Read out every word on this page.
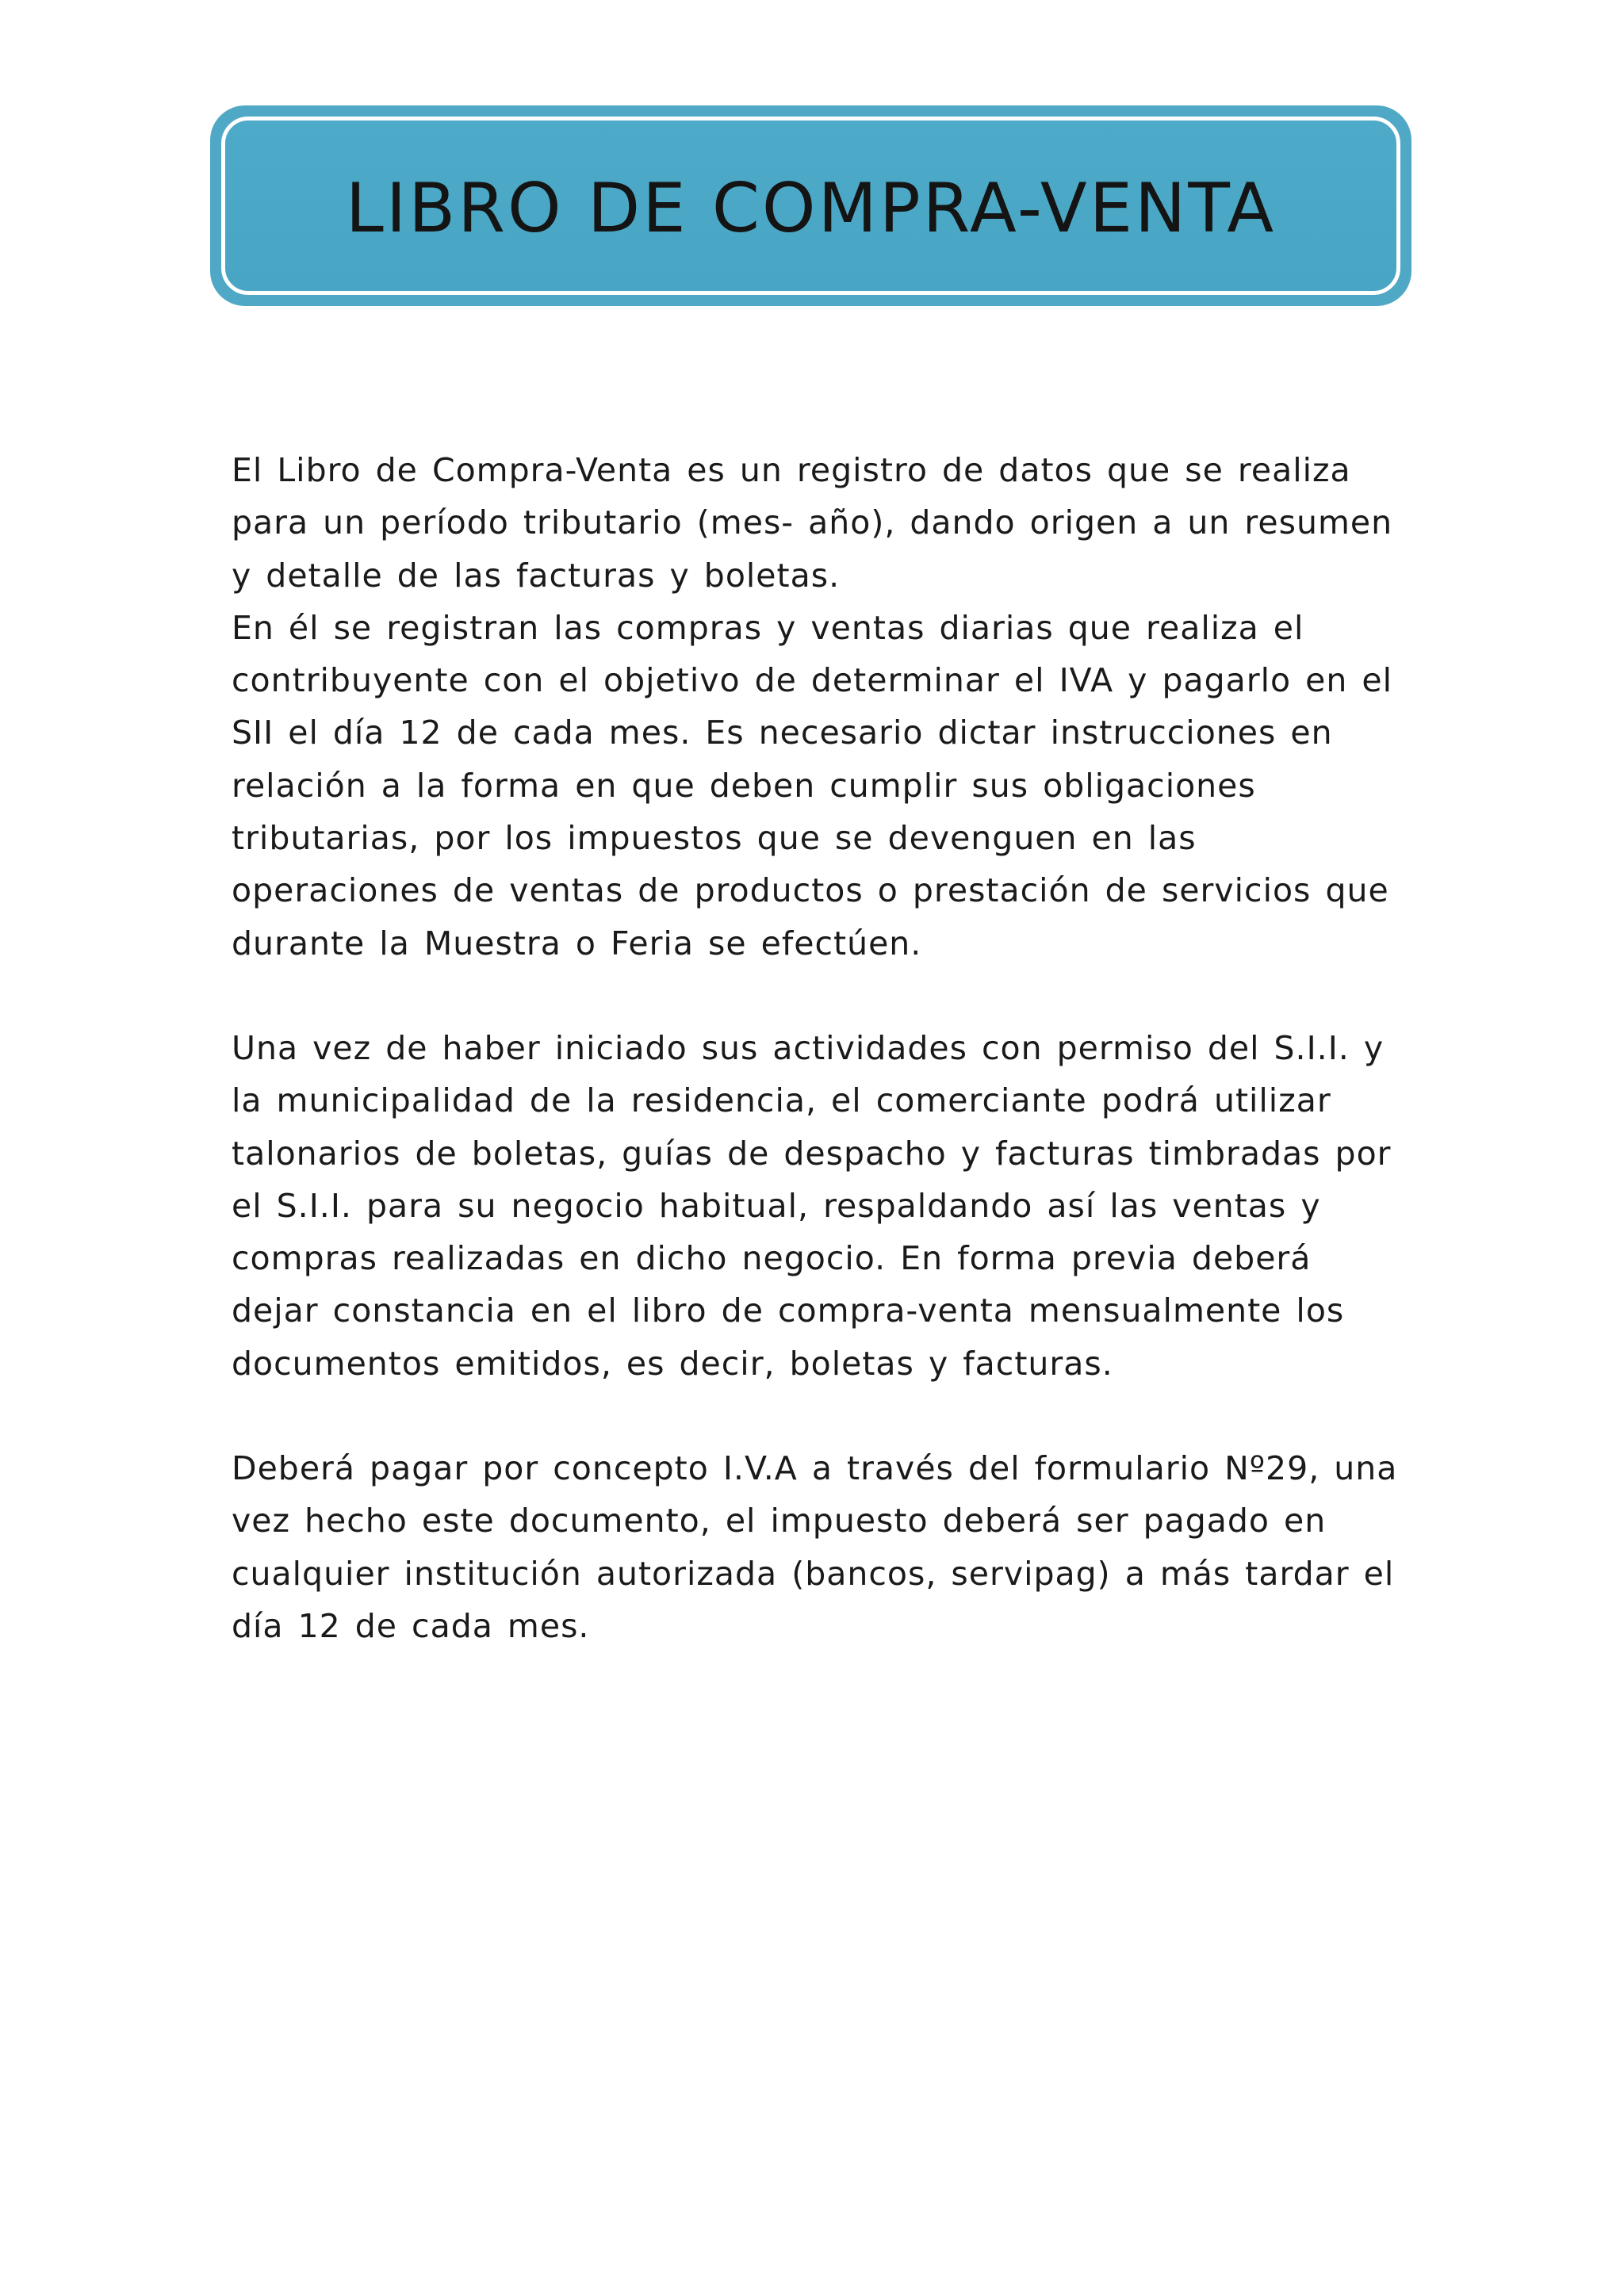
LIBRO DE COMPRA-VENTA

El Libro de Compra-Venta es un registro de datos que se realiza para un período tributario (mes- año), dando origen a un resumen y detalle de las facturas y boletas.

En él se registran las compras y ventas diarias que realiza el contribuyente con el objetivo de determinar el IVA y pagarlo en el SII el día 12 de cada mes. Es necesario dictar instrucciones en relación a la forma en que deben cumplir sus obligaciones tributarias, por los impuestos que se devenguen en las operaciones de ventas de productos o prestación de servicios que durante la Muestra o Feria se efectúen.

Una vez de haber iniciado sus actividades con permiso del S.I.I. y la municipalidad de la residencia, el comerciante podrá utilizar talonarios de boletas, guías de despacho y facturas timbradas por el S.I.I. para su negocio habitual, respaldando así las ventas y compras realizadas en dicho negocio. En forma previa deberá dejar constancia en el libro de compra-venta mensualmente los documentos emitidos, es decir, boletas y facturas.

Deberá pagar por concepto I.V.A a través del formulario Nº29, una vez hecho este documento, el impuesto deberá ser pagado en cualquier institución autorizada (bancos, servipag) a más tardar el día 12 de cada mes.
